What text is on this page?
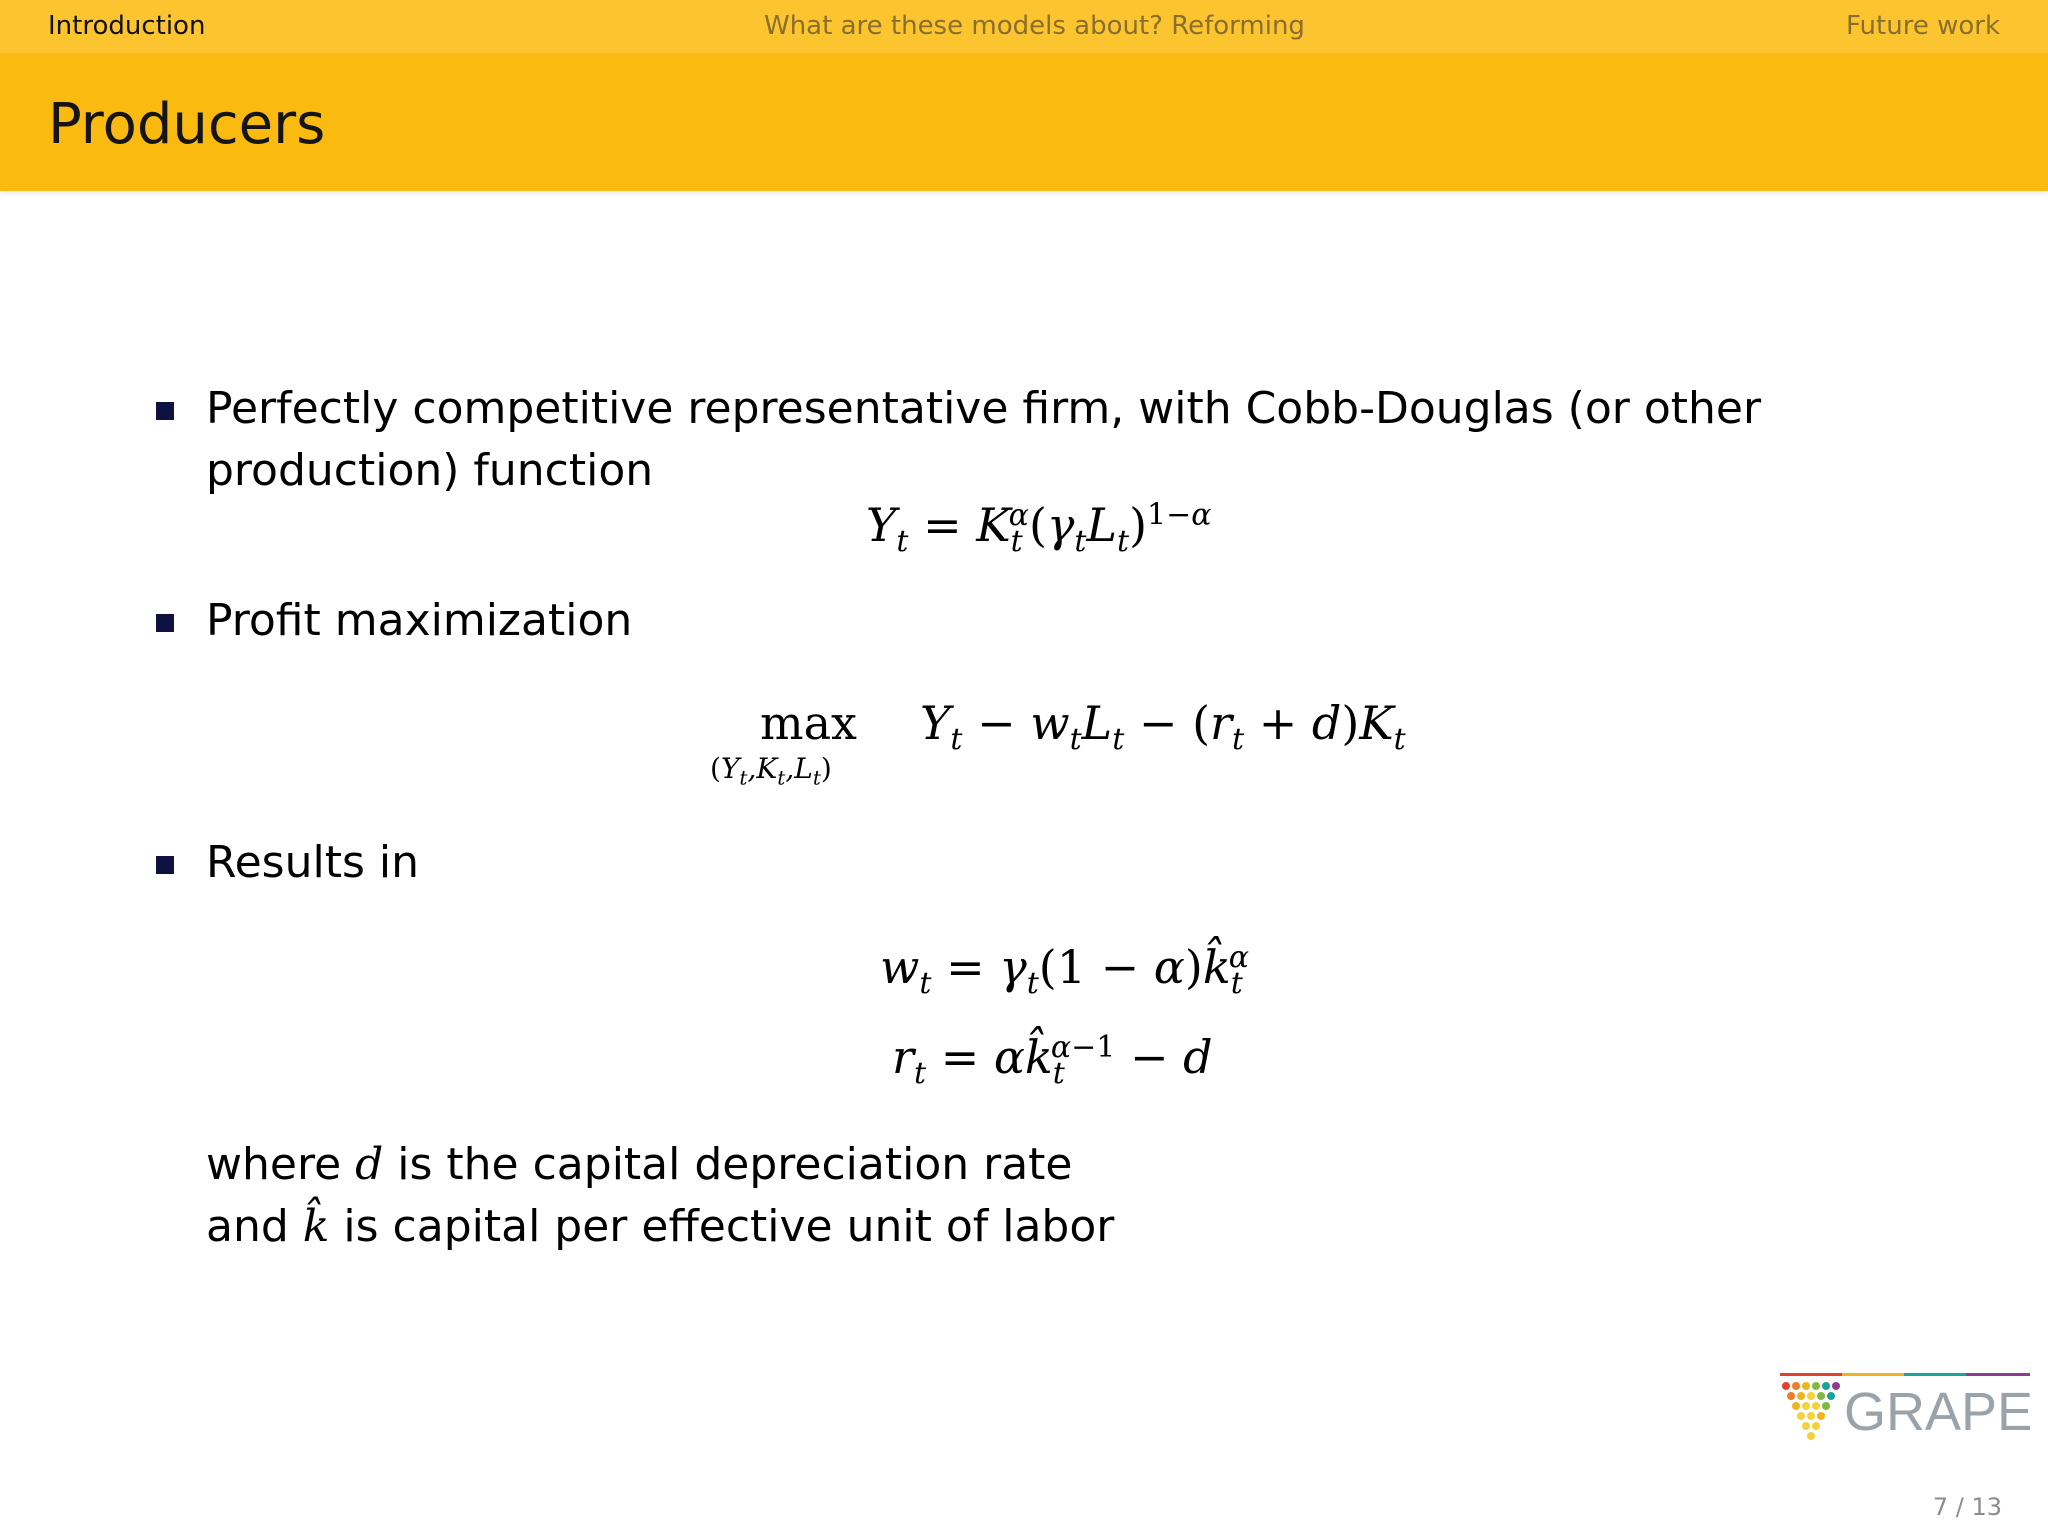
Introduction	What are these models about? Reforming	Future work
Producers
Perfectly competitive representative firm, with Cobb-Douglas (or other
production) function
$Y_t = K_t^\alpha(\gamma_tL_t)^{1-\alpha}$
Profit maximization
max
$(Y_t,K_t,L_t)$
$Y_t - w_tL_t - (r_t + d)K_t$
Results in
$w_t = \gamma_t(1$ − $\alpha)k̂_t^\alpha$
$r_t$ = $\alpha k̂_t^{\alpha-1} - d$
where d is the capital depreciation rate
and k̂ is capital per effective unit of labor
GRAPE
7 / 13
